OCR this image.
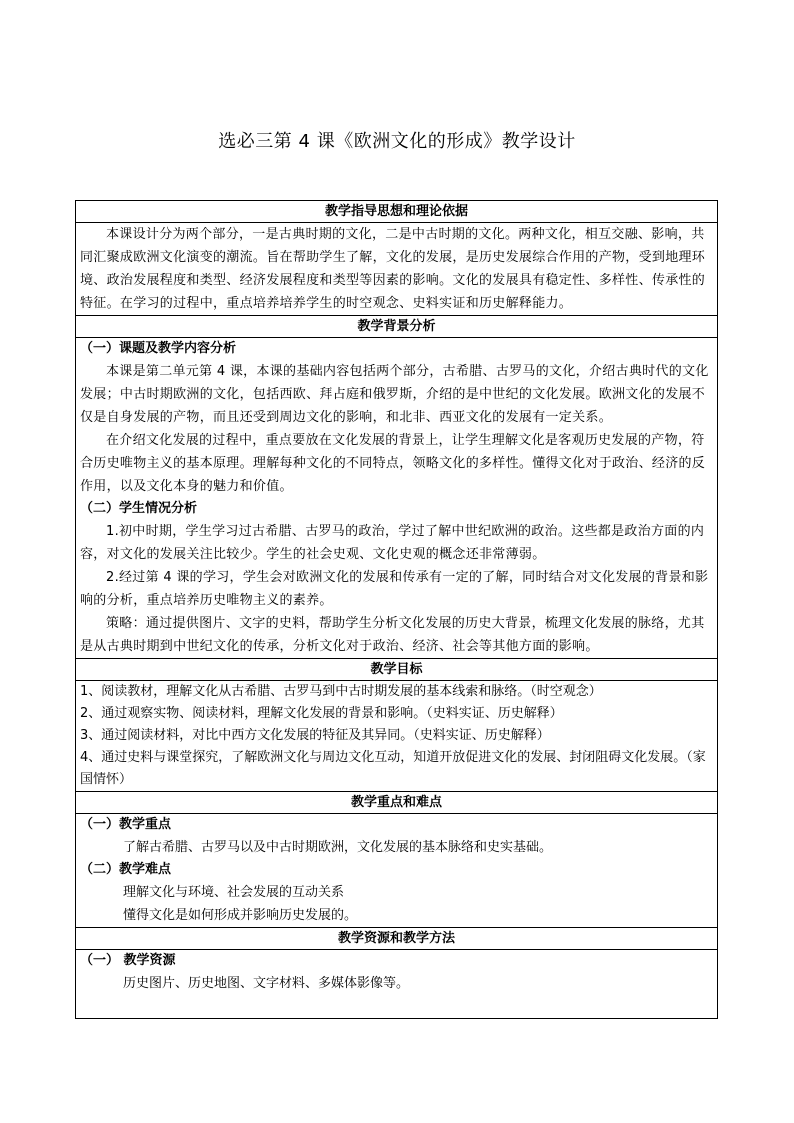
选必三第 4 课《欧洲文化的形成》教学设计
教学指导思想和理论依据

本课设计分为两个部分，一是古典时期的文化，二是中古时期的文化。两种文化，相互交融、影响，共同汇聚成欧洲文化演变的潮流。旨在帮助学生了解，文化的发展，是历史发展综合作用的产物，受到地理环境、政治发展程度和类型、经济发展程度和类型等因素的影响。文化的发展具有稳定性、多样性、传承性的特征。在学习的过程中，重点培养培养学生的时空观念、史料实证和历史解释能力。

教学背景分析

（一）课题及教学内容分析

本课是第二单元第 4 课，本课的基础内容包括两个部分，古希腊、古罗马的文化，介绍古典时代的文化发展；中古时期欧洲的文化，包括西欧、拜占庭和俄罗斯，介绍的是中世纪的文化发展。欧洲文化的发展不仅是自身发展的产物，而且还受到周边文化的影响，和北非、西亚文化的发展有一定关系。

在介绍文化发展的过程中，重点要放在文化发展的背景上，让学生理解文化是客观历史发展的产物，符合历史唯物主义的基本原理。理解每种文化的不同特点，领略文化的多样性。懂得文化对于政治、经济的反作用，以及文化本身的魅力和价值。

（二）学生情况分析

1.初中时期，学生学习过古希腊、古罗马的政治，学过了解中世纪欧洲的政治。这些都是政治方面的内容，对文化的发展关注比较少。学生的社会史观、文化史观的概念还非常薄弱。

2.经过第 4 课的学习，学生会对欧洲文化的发展和传承有一定的了解，同时结合对文化发展的背景和影响的分析，重点培养历史唯物主义的素养。

策略：通过提供图片、文字的史料，帮助学生分析文化发展的历史大背景，梳理文化发展的脉络，尤其是从古典时期到中世纪文化的传承，分析文化对于政治、经济、社会等其他方面的影响。

教学目标

1、阅读教材，理解文化从古希腊、古罗马到中古时期发展的基本线索和脉络。（时空观念）

2、通过观察实物、阅读材料，理解文化发展的背景和影响。（史料实证、历史解释）

3、通过阅读材料，对比中西方文化发展的特征及其异同。（史料实证、历史解释）

4、通过史料与课堂探究，了解欧洲文化与周边文化互动，知道开放促进文化的发展、封闭阻碍文化发展。（家国情怀）

教学重点和难点

（一）教学重点

了解古希腊、古罗马以及中古时期欧洲，文化发展的基本脉络和史实基础。

（二）教学难点

理解文化与环境、社会发展的互动关系

懂得文化是如何形成并影响历史发展的。

教学资源和教学方法

（一） 教学资源

历史图片、历史地图、文字材料、多媒体影像等。
